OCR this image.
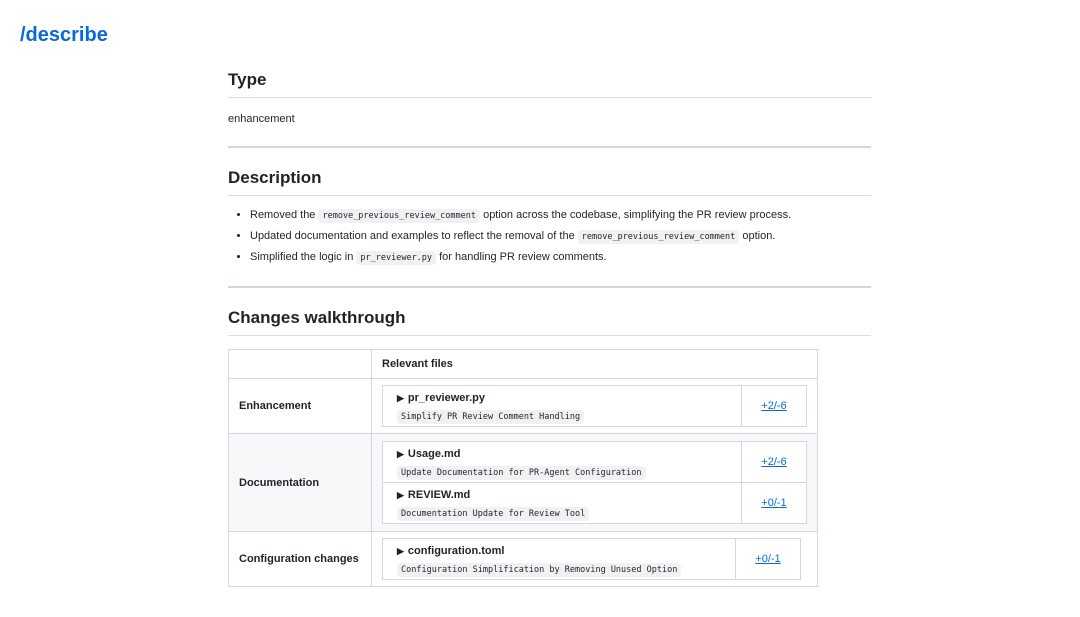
/describe
Type

enhancement

Description
• Removed the remove_previous_review_comment option across the codebase, simplifying the PR review process.
• Updated documentation and examples to reflect the removal of the remove_previous_review_comment option.
• Simplified the logic in pr_reviewer.py for handling PR review comments.
Changes walkthrough
	Relevant files
Enhancement	
▶ pr_reviewer.py
Simplify PR Review Comment Handling
	+2/-6

Documentation	
▶ Usage.md
Update Documentation for PR-Agent Configuration
	+2/-6

▶ REVIEW.md
Documentation Update for Review Tool
	+0/-1

Configuration changes	
▶ configuration.toml
Configuration Simplification by Removing Unused Option
	+0/-1
